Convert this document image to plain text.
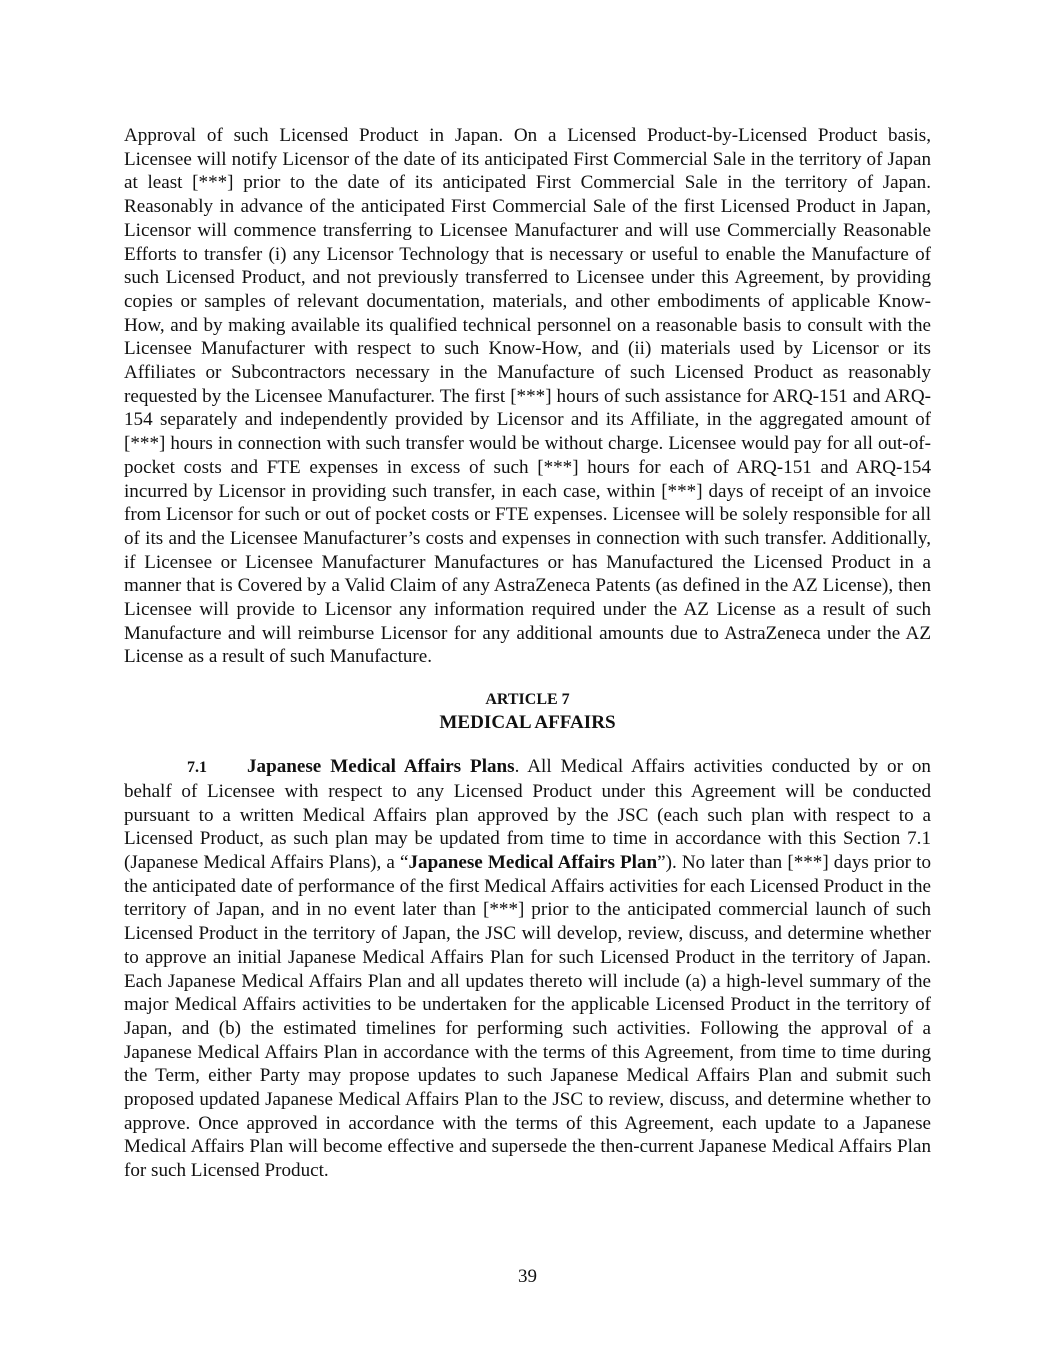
Approval of such Licensed Product in Japan. On a Licensed Product-by-Licensed Product basis, Licensee will notify Licensor of the date of its anticipated First Commercial Sale in the territory of Japan at least [***] prior to the date of its anticipated First Commercial Sale in the territory of Japan. Reasonably in advance of the anticipated First Commercial Sale of the first Licensed Product in Japan, Licensor will commence transferring to Licensee Manufacturer and will use Commercially Reasonable Efforts to transfer (i) any Licensor Technology that is necessary or useful to enable the Manufacture of such Licensed Product, and not previously transferred to Licensee under this Agreement, by providing copies or samples of relevant documentation, materials, and other embodiments of applicable Know-How, and by making available its qualified technical personnel on a reasonable basis to consult with the Licensee Manufacturer with respect to such Know-How, and (ii) materials used by Licensor or its Affiliates or Subcontractors necessary in the Manufacture of such Licensed Product as reasonably requested by the Licensee Manufacturer. The first [***] hours of such assistance for ARQ-151 and ARQ-154 separately and independently provided by Licensor and its Affiliate, in the aggregated amount of [***] hours in connection with such transfer would be without charge. Licensee would pay for all out-of-pocket costs and FTE expenses in excess of such [***] hours for each of ARQ-151 and ARQ-154 incurred by Licensor in providing such transfer, in each case, within [***] days of receipt of an invoice from Licensor for such or out of pocket costs or FTE expenses. Licensee will be solely responsible for all of its and the Licensee Manufacturer’s costs and expenses in connection with such transfer. Additionally, if Licensee or Licensee Manufacturer Manufactures or has Manufactured the Licensed Product in a manner that is Covered by a Valid Claim of any AstraZeneca Patents (as defined in the AZ License), then Licensee will provide to Licensor any information required under the AZ License as a result of such Manufacture and will reimburse Licensor for any additional amounts due to AstraZeneca under the AZ License as a result of such Manufacture.

ARTICLE 7
MEDICAL AFFAIRS

7.1 Japanese Medical Affairs Plans. All Medical Affairs activities conducted by or on behalf of Licensee with respect to any Licensed Product under this Agreement will be conducted pursuant to a written Medical Affairs plan approved by the JSC (each such plan with respect to a Licensed Product, as such plan may be updated from time to time in accordance with this Section 7.1 (Japanese Medical Affairs Plans), a “Japanese Medical Affairs Plan”). No later than [***] days prior to the anticipated date of performance of the first Medical Affairs activities for each Licensed Product in the territory of Japan, and in no event later than [***] prior to the anticipated commercial launch of such Licensed Product in the territory of Japan, the JSC will develop, review, discuss, and determine whether to approve an initial Japanese Medical Affairs Plan for such Licensed Product in the territory of Japan. Each Japanese Medical Affairs Plan and all updates thereto will include (a) a high-level summary of the major Medical Affairs activities to be undertaken for the applicable Licensed Product in the territory of Japan, and (b) the estimated timelines for performing such activities. Following the approval of a Japanese Medical Affairs Plan in accordance with the terms of this Agreement, from time to time during the Term, either Party may propose updates to such Japanese Medical Affairs Plan and submit such proposed updated Japanese Medical Affairs Plan to the JSC to review, discuss, and determine whether to approve. Once approved in accordance with the terms of this Agreement, each update to a Japanese Medical Affairs Plan will become effective and supersede the then-current Japanese Medical Affairs Plan for such Licensed Product.

39
